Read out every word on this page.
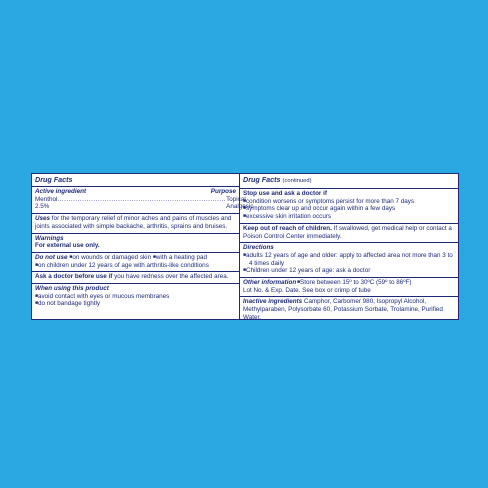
Drug Facts
Active ingredient	Purpose
Menthol 2.5%
........................................................................... Topical Analgesic
Uses for the temporary relief of minor aches and pains of muscles and joints associated with simple backache, arthritis, sprains and bruises.
Warnings
For external use only.
Do not use ■ on wounds or damaged skin ■ with a heating pad
■ on children under 12 years of age with arthritis-like conditions
Ask a doctor before use if you have redness over the affected area.
When using this product
■ avoid contact with eyes or mucous membranes
■ do not bandage tightly
Drug Facts (continued)
Stop use and ask a doctor if
■ condition worsens or symptoms persist for more than 7 days
■ symptoms clear up and occur again within a few days
■ excessive skin irritation occurs
Keep out of reach of children. If swallowed, get medical help or contact a Poison Control Center immediately.
Directions
■ adults 12 years of age and older: apply to affected area not more than 3 to 4 times daily
■ Children under 12 years of age: ask a doctor
Other information ■ Store between 15º to 30ºC (59º to 86ºF)
Lot No. & Exp. Date. See box or crimp of tube
Inactive ingredients Camphor, Carbomer 980, Isopropyl Alcohol, Methylparaben, Polysorbate 60, Potassium Sorbate, Trolamine, Purified Water.
